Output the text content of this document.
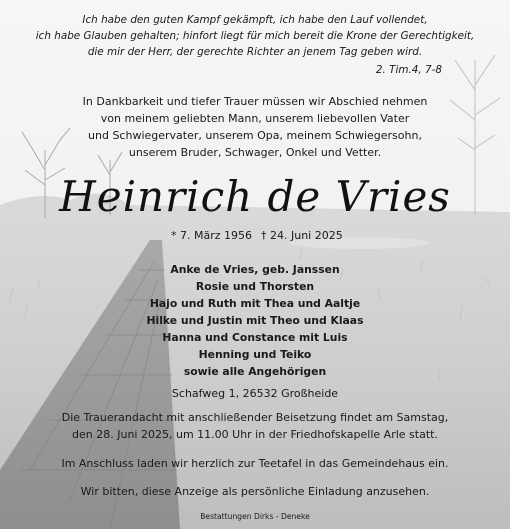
Ich habe den guten Kampf gekämpft, ich habe den Lauf vollendet,

ich habe Glauben gehalten; hinfort liegt für mich bereit die Krone der Gerechtigkeit,

die mir der Herr, der gerechte Richter an jenem Tag geben wird.

2. Tim.4, 7-8

In Dankbarkeit und tiefer Trauer müssen wir Abschied nehmen

von meinem geliebten Mann, unserem liebevollen Vater

und Schwiegervater, unserem Opa, meinem Schwiegersohn,

unserem Bruder, Schwager, Onkel und Vetter.

Heinrich de Vries

* 7. März 1956 † 24. Juni 2025

Anke de Vries, geb. Janssen

Rosie und Thorsten

Hajo und Ruth mit Thea und Aaltje

Hilke und Justin mit Theo und Klaas

Hanna und Constance mit Luis

Henning und Teiko

sowie alle Angehörigen

Schafweg 1, 26532 Großheide

Die Trauerandacht mit anschließender Beisetzung findet am Samstag,

den 28. Juni 2025, um 11.00 Uhr in der Friedhofskapelle Arle statt.

Im Anschluss laden wir herzlich zur Teetafel in das Gemeindehaus ein.

Wir bitten, diese Anzeige als persönliche Einladung anzusehen.

Bestattungen Dirks - Deneke
